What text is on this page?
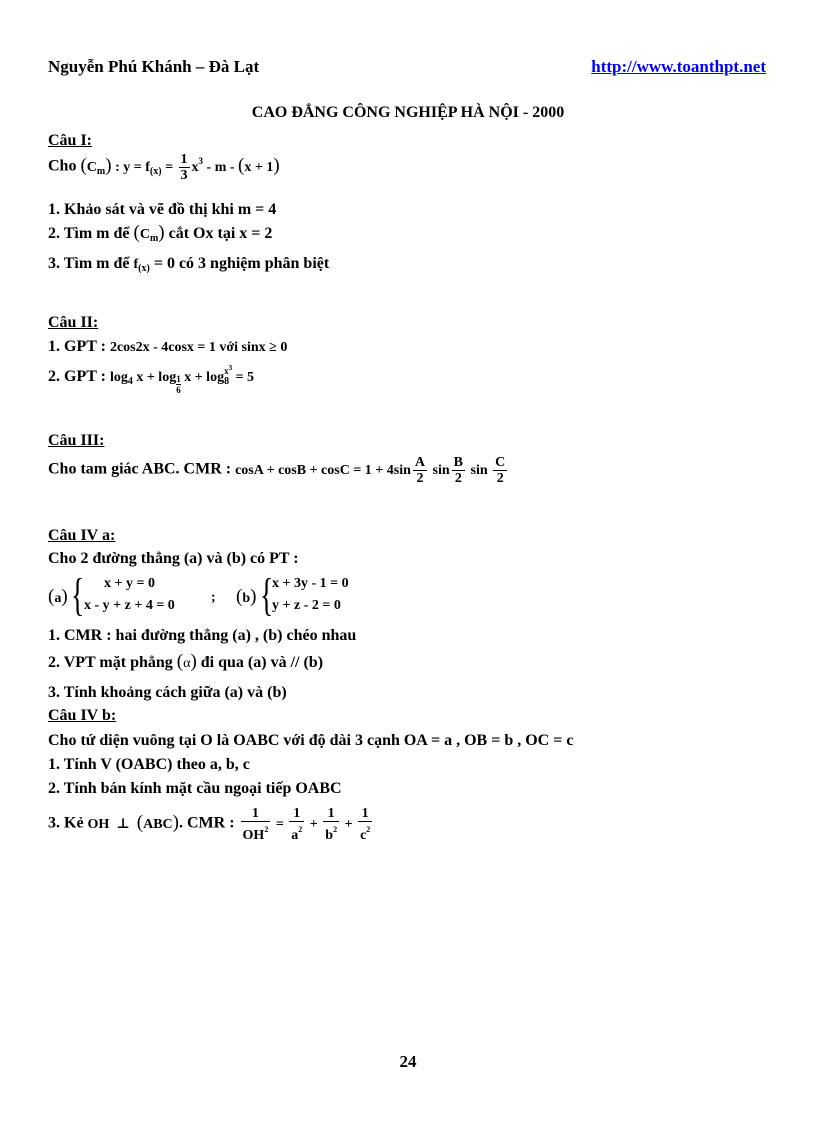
Nguyễn Phú Khánh – Đà Lạt	http://www.toanthpt.net
CAO ĐẲNG CÔNG NGHIỆP HÀ NỘI - 2000
Câu I:
Cho $(C_m)$ : $y = f_{(x)} = \frac{1}{3} x^3 - m - (x + 1)$
1. Khảo sát và vẽ đồ thị khi m = 4
2. Tìm m để $(C_m)$ cắt Ox tại x = 2
3. Tìm m để $f_{(x)} = 0$ có 3 nghiệm phân biệt
Câu II:
1. GPT : 2cos2x - 4cosx = 1 với sinx ≥ 0
2. GPT : $\log_4 x + \log \frac{1}{6}$ $x + \log_8^{x^3} = 5$
Câu III:
Cho tam giác ABC. CMR : $\cos A + \cos B + \cos C = 1 + 4\sin \frac{A}{2}$ $\sin \frac{B}{2}$ $\sin \frac{C}{2}$
Câu IV a:
Cho 2 đường thẳng (a) và (b) có PT :
(a) { x + y = 0
x - y + z + 4 = 0
; (b) {
x + 3y - 1 = 0
y + z - 2 = 0
1. CMR : hai đường thẳng (a) , (b) chéo nhau
2. VPT mặt phẳng (α) đi qua (a) và // (b)
3. Tính khoảng cách giữa (a) và (b)
Câu IV b:
Cho tứ diện vuông tại O là OABC với độ dài 3 cạnh OA = a , OB = b , OC = c
1. Tính V (OABC) theo a, b, c
2. Tính bán kính mặt cầu ngoại tiếp OABC
3. Kẻ OH  ⊥  (ABC). CMR : $\frac{1}{OH^2} = \frac{1}{a^2} + \frac{1}{b^2} + \frac{1}{c^2}$
24
